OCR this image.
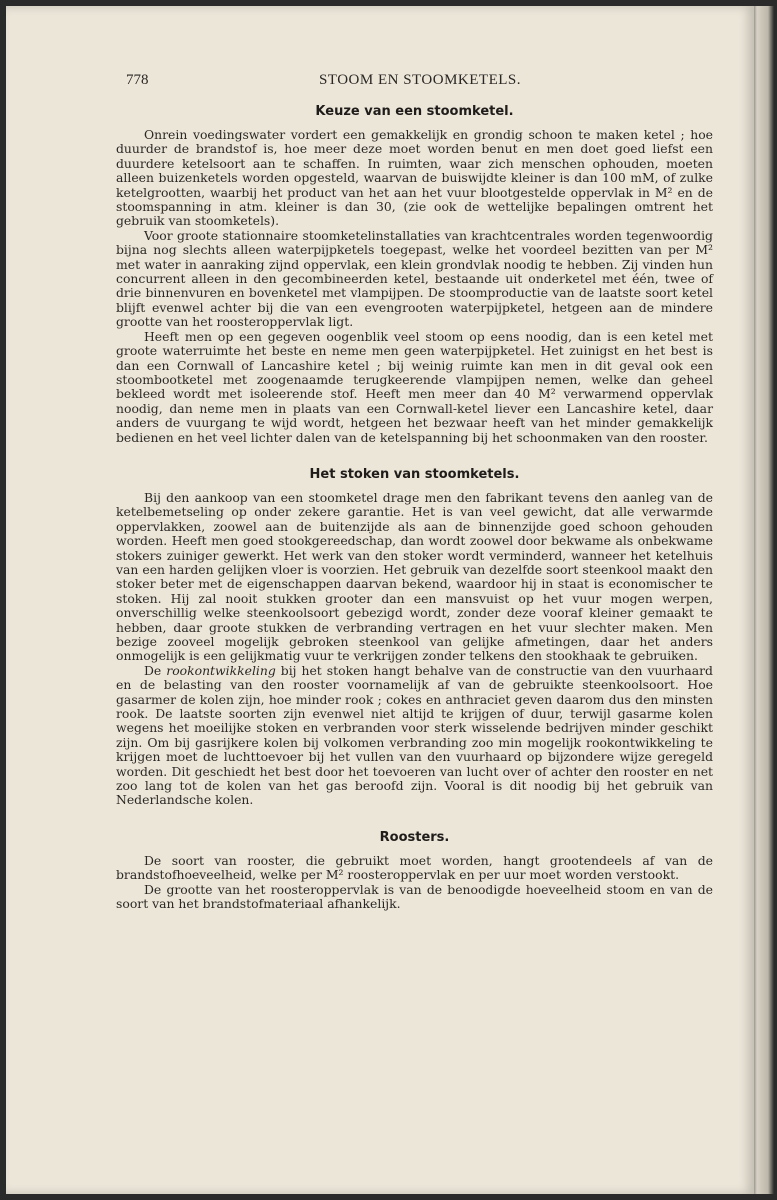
778	STOOM EN STOOMKETELS.
Keuze van een stoomketel.

Onrein voedingswater vordert een gemakkelijk en grondig schoon te maken ketel ; hoe duurder de brandstof is, hoe meer deze moet worden benut en men doet goed liefst een duurdere ketelsoort aan te schaffen. In ruimten, waar zich menschen ophouden, moeten alleen buizenketels worden opgesteld, waarvan de buiswijdte kleiner is dan 100 mM, of zulke ketelgrootten, waarbij het product van het aan het vuur blootgestelde oppervlak in M² en de stoomspanning in atm. kleiner is dan 30, (zie ook de wettelijke bepalingen omtrent het gebruik van stoomketels).

Voor groote stationnaire stoomketelinstallaties van krachtcentrales worden tegenwoordig bijna nog slechts alleen waterpijpketels toegepast, welke het voordeel bezitten van per M² met water in aanraking zijnd oppervlak, een klein grondvlak noodig te hebben. Zij vinden hun concurrent alleen in den gecombineerden ketel, bestaande uit onderketel met één, twee of drie binnenvuren en bovenketel met vlampijpen. De stoomproductie van de laatste soort ketel blijft evenwel achter bij die van een evengrooten waterpijpketel, hetgeen aan de mindere grootte van het roosteroppervlak ligt.

Heeft men op een gegeven oogenblik veel stoom op eens noodig, dan is een ketel met groote waterruimte het beste en neme men geen waterpijpketel. Het zuinigst en het best is dan een Cornwall of Lancashire ketel ; bij weinig ruimte kan men in dit geval ook een stoombootketel met zoogenaamde terugkeerende vlampijpen nemen, welke dan geheel bekleed wordt met isoleerende stof. Heeft men meer dan 40 M² verwarmend oppervlak noodig, dan neme men in plaats van een Cornwall-ketel liever een Lancashire ketel, daar anders de vuurgang te wijd wordt, hetgeen het bezwaar heeft van het minder gemakkelijk bedienen en het veel lichter dalen van de ketelspanning bij het schoonmaken van den rooster.

Het stoken van stoomketels.

Bij den aankoop van een stoomketel drage men den fabrikant tevens den aanleg van de ketelbemetseling op onder zekere garantie. Het is van veel gewicht, dat alle verwarmde oppervlakken, zoowel aan de buitenzijde als aan de binnenzijde goed schoon gehouden worden. Heeft men goed stookgereedschap, dan wordt zoowel door bekwame als onbekwame stokers zuiniger gewerkt. Het werk van den stoker wordt verminderd, wanneer het ketelhuis van een harden gelijken vloer is voorzien. Het gebruik van dezelfde soort steenkool maakt den stoker beter met de eigenschappen daarvan bekend, waardoor hij in staat is economischer te stoken. Hij zal nooit stukken grooter dan een mansvuist op het vuur mogen werpen, onverschillig welke steenkoolsoort gebezigd wordt, zonder deze vooraf kleiner gemaakt te hebben, daar groote stukken de verbranding vertragen en het vuur slechter maken. Men bezige zooveel mogelijk gebroken steenkool van gelijke afmetingen, daar het anders onmogelijk is een gelijkmatig vuur te verkrijgen zonder telkens den stookhaak te gebruiken.

De rookontwikkeling bij het stoken hangt behalve van de constructie van den vuurhaard en de belasting van den rooster voornamelijk af van de gebruikte steenkoolsoort. Hoe gasarmer de kolen zijn, hoe minder rook ; cokes en anthraciet geven daarom dus den minsten rook. De laatste soorten zijn evenwel niet altijd te krijgen of duur, terwijl gasarme kolen wegens het moeilijke stoken en verbranden voor sterk wisselende bedrijven minder geschikt zijn. Om bij gasrijkere kolen bij volkomen verbranding zoo min mogelijk rookontwikkeling te krijgen moet de luchttoevoer bij het vullen van den vuurhaard op bijzondere wijze geregeld worden. Dit geschiedt het best door het toevoeren van lucht over of achter den rooster en net zoo lang tot de kolen van het gas beroofd zijn. Vooral is dit noodig bij het gebruik van Nederlandsche kolen.

Roosters.

De soort van rooster, die gebruikt moet worden, hangt grootendeels af van de brandstofhoeveelheid, welke per M² roosteroppervlak en per uur moet worden verstookt.

De grootte van het roosteroppervlak is van de benoodigde hoeveelheid stoom en van de soort van het brandstofmateriaal afhankelijk.
